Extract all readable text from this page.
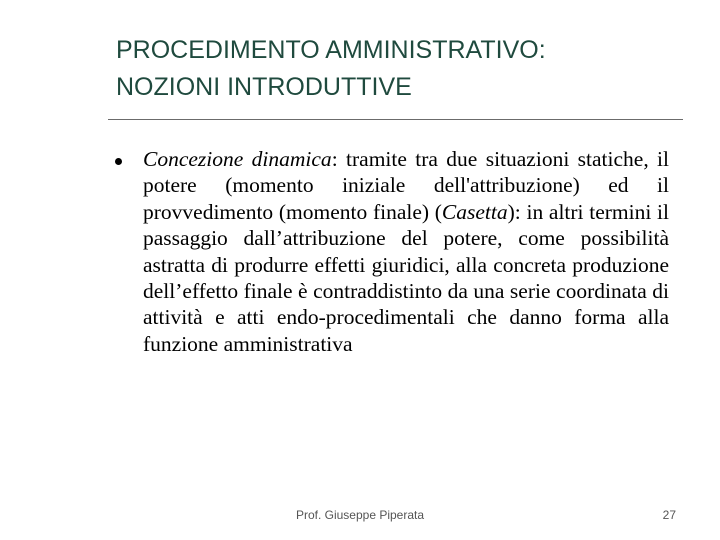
PROCEDIMENTO AMMINISTRATIVO:
NOZIONI INTRODUTTIVE

Concezione dinamica: tramite tra due situazioni statiche, il potere (momento iniziale dell'attribuzione) ed il provvedimento (momento finale) (Casetta): in altri termini il passaggio dall’attribuzione del potere, come possibilità astratta di produrre effetti giuridici, alla concreta produzione dell’effetto finale è contraddistinto da una serie coordinata di attività e atti endo-procedimentali che danno forma alla funzione amministrativa

Prof. Giuseppe Piperata	27
